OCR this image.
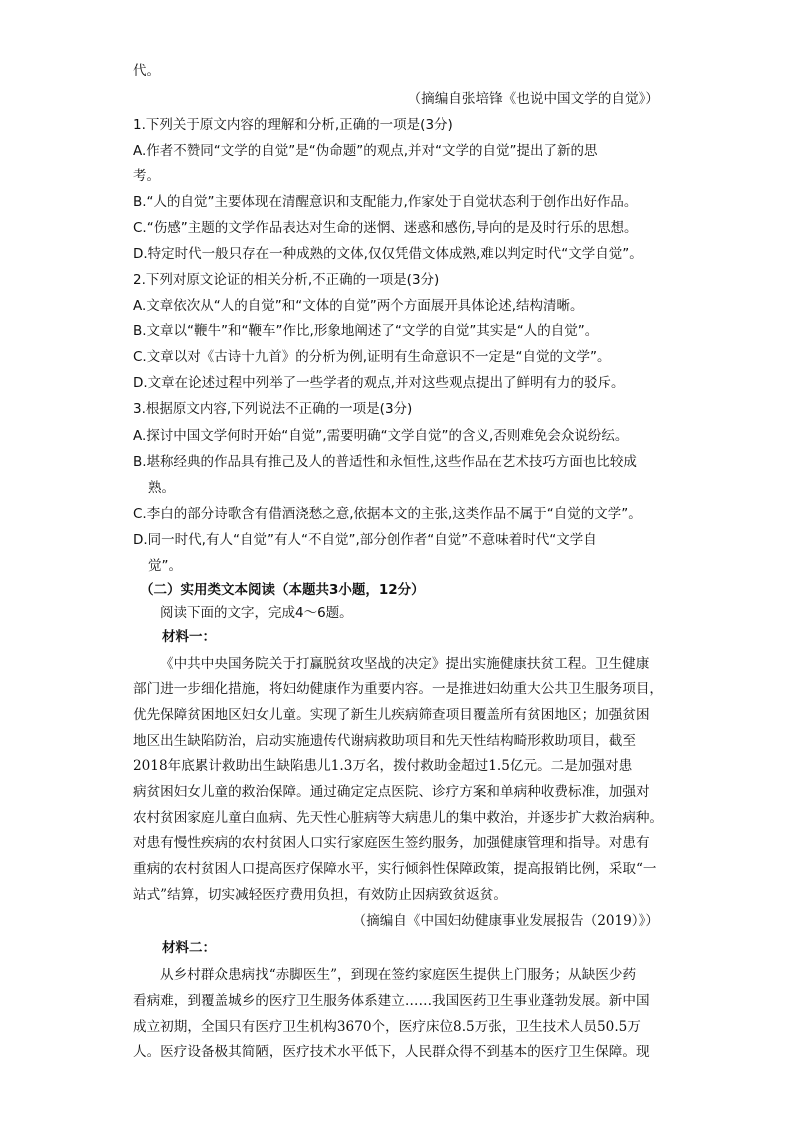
代。
（摘编自张培锋《也说中国文学的自觉》）
1.下列关于原文内容的理解和分析,正确的一项是(3分)
A.作者不赞同“文学的自觉”是“伪命题”的观点,并对“文学的自觉”提出了新的思
考。
B.“人的自觉”主要体现在清醒意识和支配能力,作家处于自觉状态利于创作出好作品。
C.“伤感”主题的文学作品表达对生命的迷惘、迷惑和感伤,导向的是及时行乐的思想。
D.特定时代一般只存在一种成熟的文体,仅仅凭借文体成熟,难以判定时代“文学自觉”。
2.下列对原文论证的相关分析,不正确的一项是(3分)
A.文章依次从“人的自觉”和“文体的自觉”两个方面展开具体论述,结构清晰。
B.文章以“鞭牛”和“鞭车”作比,形象地阐述了“文学的自觉”其实是“人的自觉”。
C.文章以对《古诗十九首》的分析为例,证明有生命意识不一定是“自觉的文学”。
D.文章在论述过程中列举了一些学者的观点,并对这些观点提出了鲜明有力的驳斥。
3.根据原文内容,下列说法不正确的一项是(3分)
A.探讨中国文学何时开始“自觉”,需要明确“文学自觉”的含义,否则难免会众说纷纭。
B.堪称经典的作品具有推己及人的普适性和永恒性,这些作品在艺术技巧方面也比较成
熟。
C.李白的部分诗歌含有借酒浇愁之意,依据本文的主张,这类作品不属于“自觉的文学”。
D.同一时代,有人“自觉”有人“不自觉”,部分创作者“自觉”不意味着时代“文学自
觉”。
（二）实用类文本阅读（本题共3小题，12分）
阅读下面的文字，完成4～6题。
材料一：
《中共中央国务院关于打赢脱贫攻坚战的决定》提出实施健康扶贫工程。卫生健康
部门进一步细化措施，将妇幼健康作为重要内容。一是推进妇幼重大公共卫生服务项目，
优先保障贫困地区妇女儿童。实现了新生儿疾病筛查项目覆盖所有贫困地区；加强贫困
地区出生缺陷防治，启动实施遗传代谢病救助项目和先天性结构畸形救助项目，截至
2018年底累计救助出生缺陷患儿1.3万名，拨付救助金超过1.5亿元。二是加强对患
病贫困妇女儿童的救治保障。通过确定定点医院、诊疗方案和单病种收费标准，加强对
农村贫困家庭儿童白血病、先天性心脏病等大病患儿的集中救治，并逐步扩大救治病种。
对患有慢性疾病的农村贫困人口实行家庭医生签约服务，加强健康管理和指导。对患有
重病的农村贫困人口提高医疗保障水平，实行倾斜性保障政策，提高报销比例，采取“一
站式”结算，切实减轻医疗费用负担，有效防止因病致贫返贫。
（摘编自《中国妇幼健康事业发展报告（2019）》）
材料二：
从乡村群众患病找“赤脚医生”，到现在签约家庭医生提供上门服务；从缺医少药
看病难，到覆盖城乡的医疗卫生服务体系建立……我国医药卫生事业蓬勃发展。新中国
成立初期，全国只有医疗卫生机构3670个，医疗床位8.5万张，卫生技术人员50.5万
人。医疗设备极其简陋，医疗技术水平低下，人民群众得不到基本的医疗卫生保障。现
